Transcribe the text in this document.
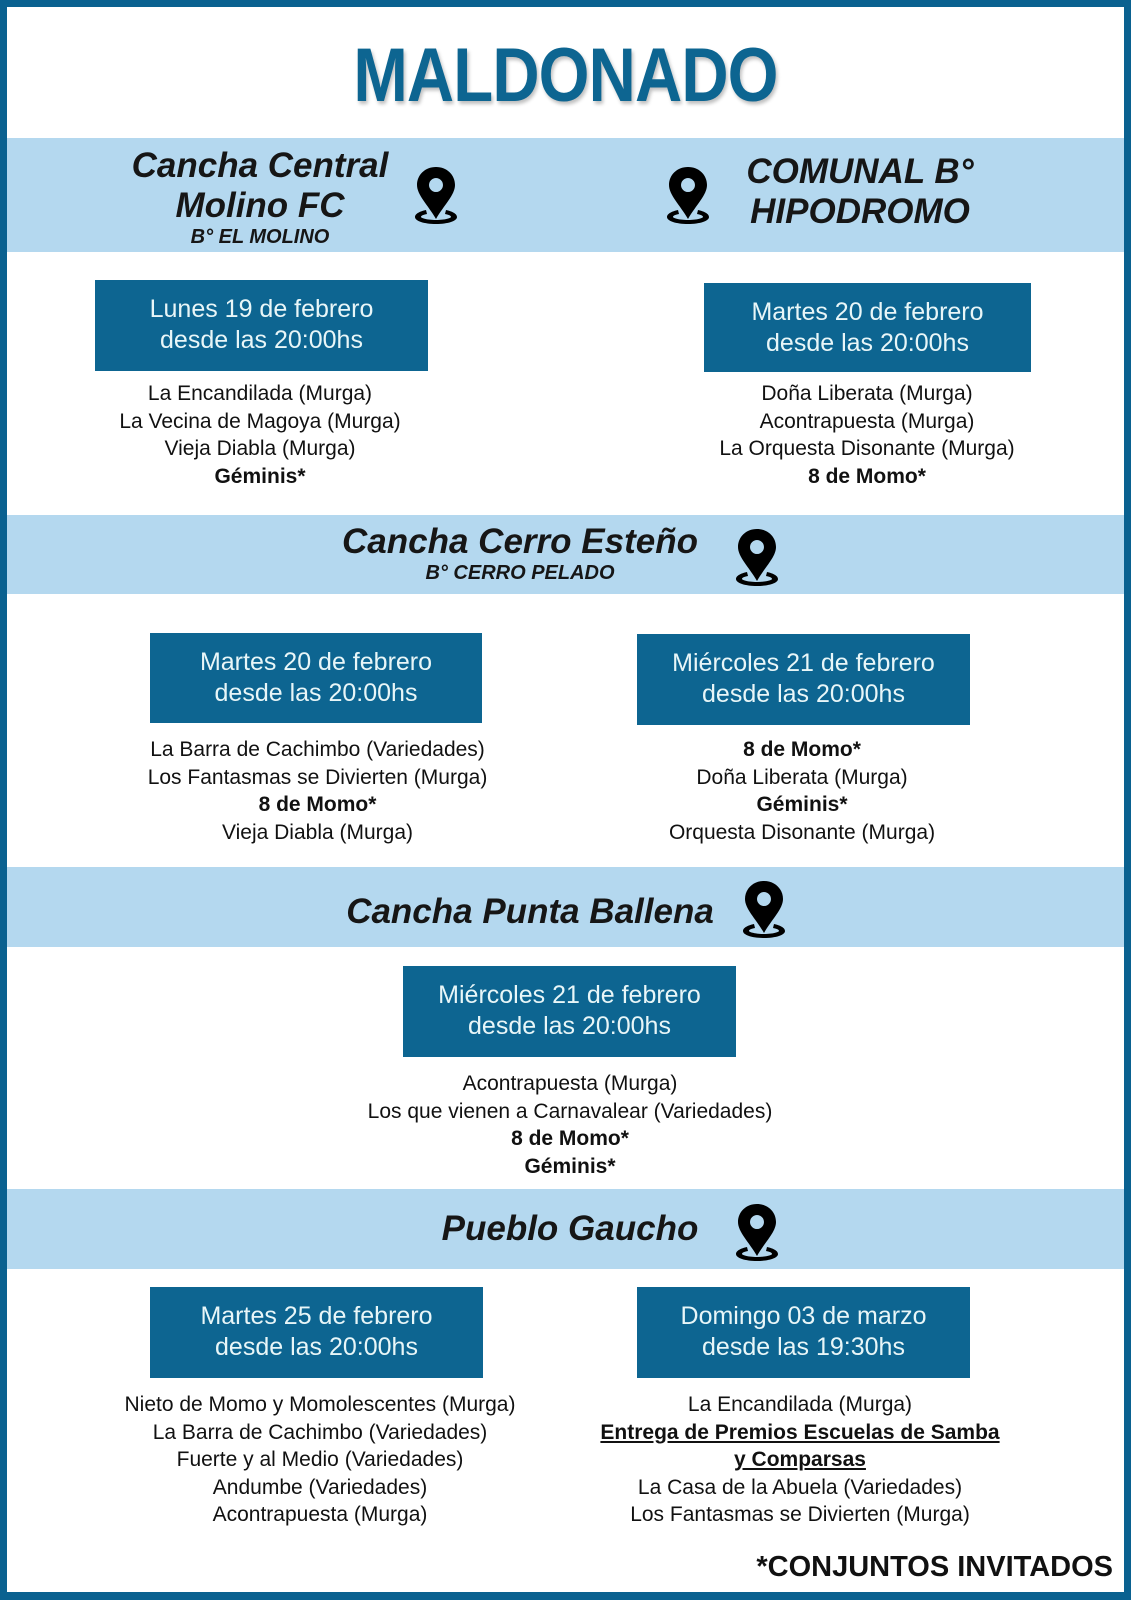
MALDONADO
Cancha Central
Molino FC
B° EL MOLINO
COMUNAL B°
HIPODROMO
Lunes 19 de febrero
desde las 20:00hs
La Encandilada (Murga)
La Vecina de Magoya (Murga)
Vieja Diabla (Murga)
Géminis*
Martes 20 de febrero
desde las 20:00hs
Doña Liberata (Murga)
Acontrapuesta (Murga)
La Orquesta Disonante (Murga)
8 de Momo*
Cancha Cerro Esteño
B° CERRO PELADO
Martes 20 de febrero
desde las 20:00hs
La Barra de Cachimbo (Variedades)
Los Fantasmas se Divierten (Murga)
8 de Momo*
Vieja Diabla (Murga)
Miércoles 21 de febrero
desde las 20:00hs
8 de Momo*
Doña Liberata (Murga)
Géminis*
Orquesta Disonante (Murga)
Cancha Punta Ballena
Miércoles 21 de febrero
desde las 20:00hs
Acontrapuesta (Murga)
Los que vienen a Carnavalear (Variedades)
8 de Momo*
Géminis*
Pueblo Gaucho
Martes 25 de febrero
desde las 20:00hs
Nieto de Momo y Momolescentes (Murga)
La Barra de Cachimbo (Variedades)
Fuerte y al Medio (Variedades)
Andumbe (Variedades)
Acontrapuesta (Murga)
Domingo 03 de marzo
desde las 19:30hs
La Encandilada (Murga)
Entrega de Premios Escuelas de Samba
y Comparsas
La Casa de la Abuela (Variedades)
Los Fantasmas se Divierten (Murga)
*CONJUNTOS INVITADOS
